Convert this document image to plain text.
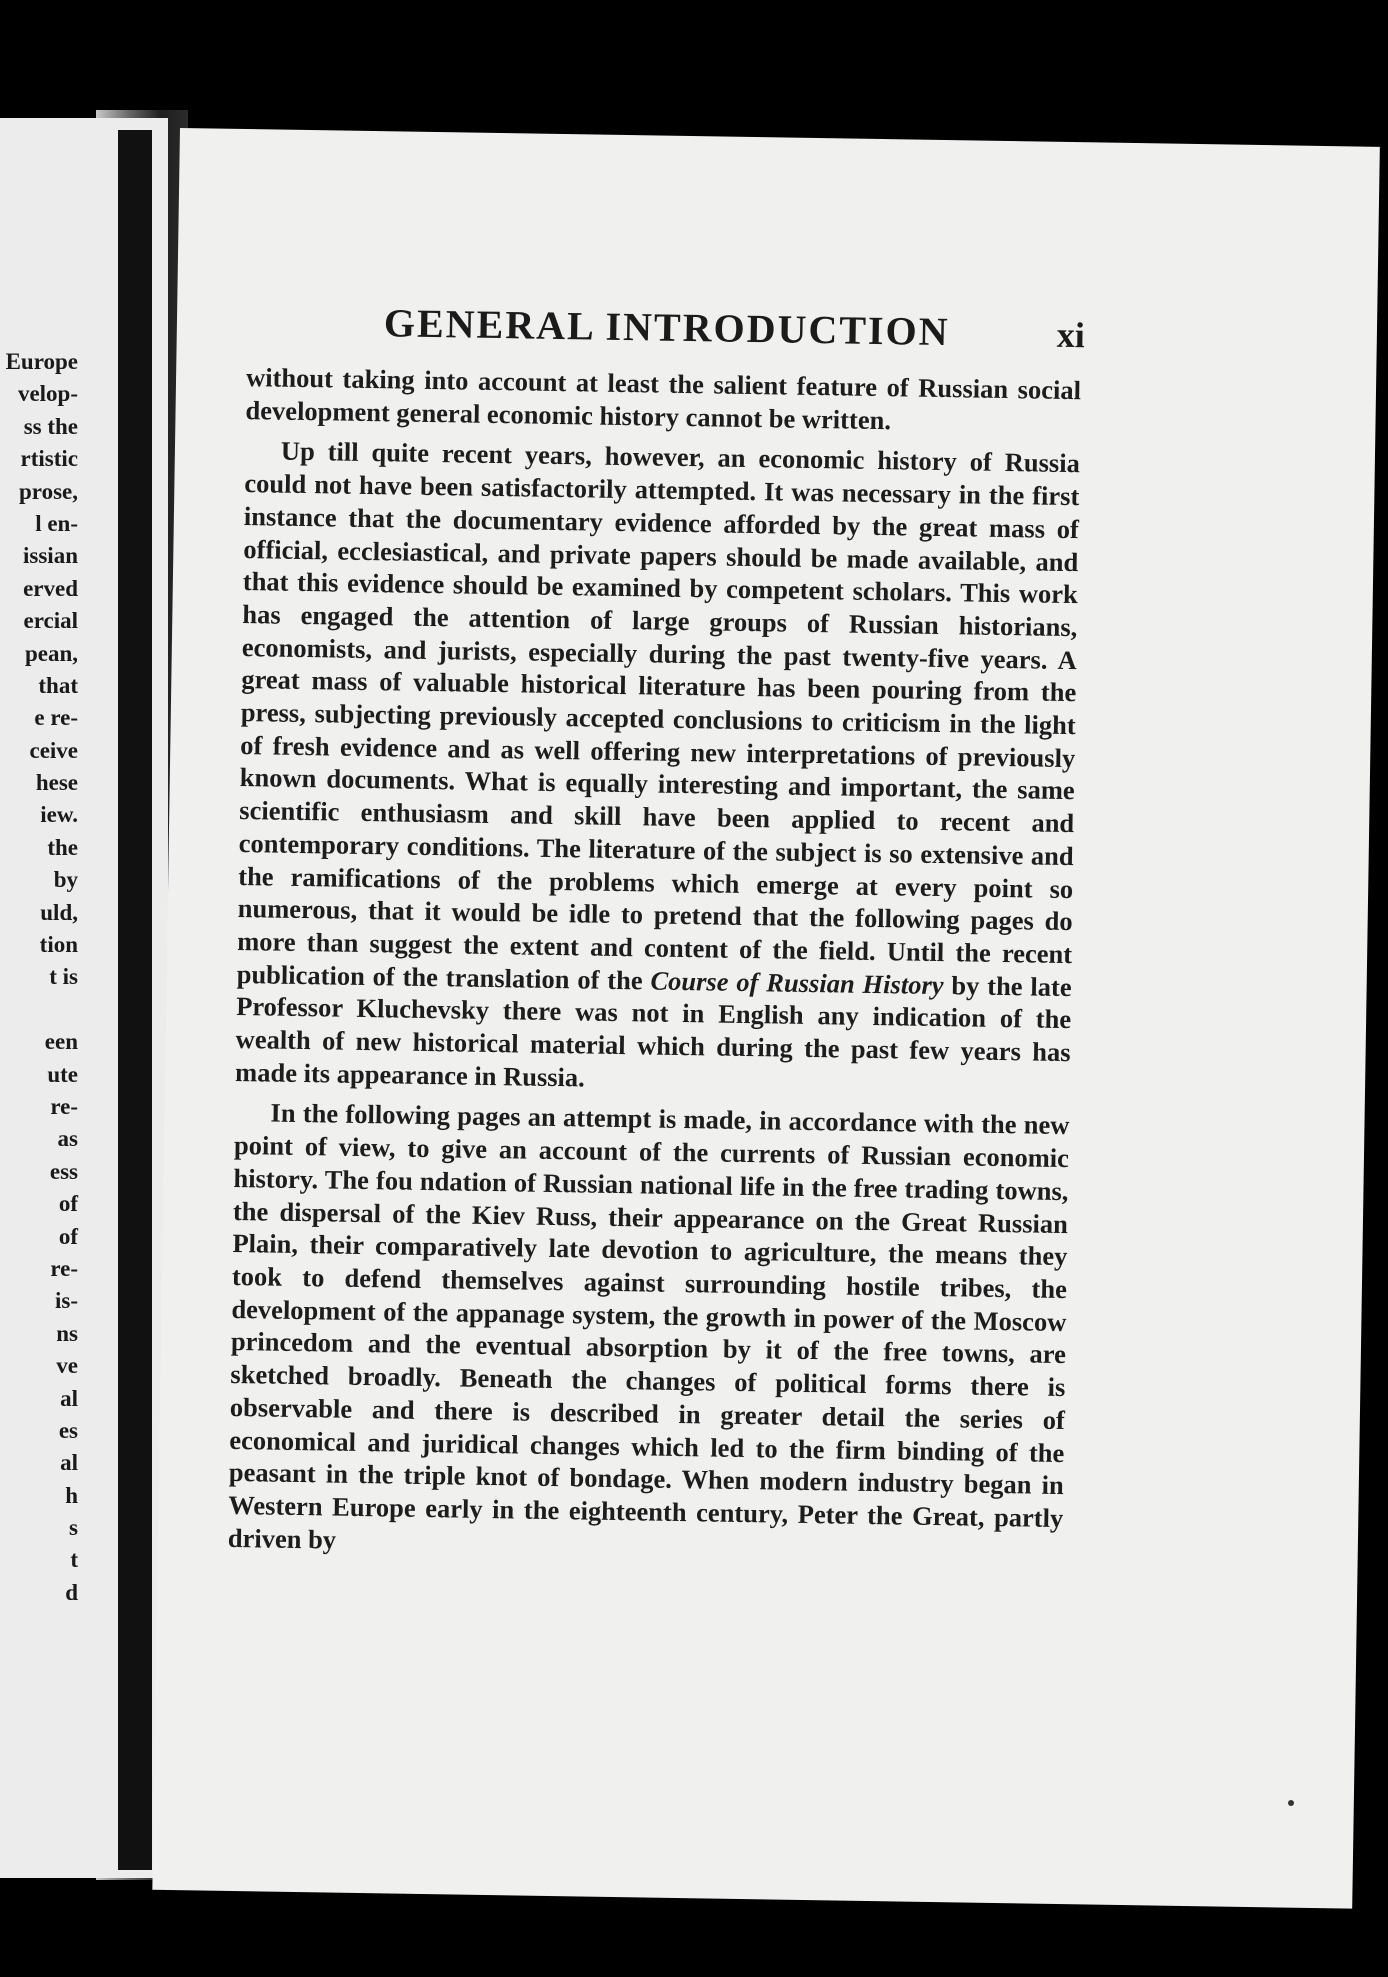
Europe
velop-
ss the
rtistic
prose,
l en-
issian
erved
ercial
pean,
that
e re-
ceive
hese
iew.
the
by
uld,
tion
t is
een
ute
re-
as
ess
of
of
re-
is-
ns
ve
al
es
al
h
s
t
d
GENERAL INTRODUCTION	xi

without taking into account at least the salient feature of Russian social development general economic history cannot be written.

Up till quite recent years, however, an economic history of Russia could not have been satisfactorily attempted. It was necessary in the first instance that the documentary evidence afforded by the great mass of official, ecclesiastical, and private papers should be made available, and that this evidence should be examined by competent scholars. This work has engaged the attention of large groups of Russian historians, economists, and jurists, especially during the past twenty-five years. A great mass of valuable historical literature has been pouring from the press, subjecting previously accepted conclusions to criticism in the light of fresh evidence and as well offering new interpretations of previously known documents. What is equally interesting and important, the same scientific enthusiasm and skill have been applied to recent and contemporary conditions. The literature of the subject is so extensive and the ramifications of the problems which emerge at every point so numerous, that it would be idle to pretend that the following pages do more than suggest the extent and content of the field. Until the recent publication of the translation of the Course of Russian History by the late Professor Kluchevsky there was not in English any indication of the wealth of new historical material which during the past few years has made its appearance in Russia.

In the following pages an attempt is made, in accordance with the new point of view, to give an account of the currents of Russian economic history. The fou ndation of Russian national life in the free trading towns, the dispersal of the Kiev Russ, their appearance on the Great Russian Plain, their comparatively late devotion to agriculture, the means they took to defend themselves against surrounding hostile tribes, the development of the appanage system, the growth in power of the Moscow princedom and the eventual absorption by it of the free towns, are sketched broadly. Beneath the changes of political forms there is observable and there is described in greater detail the series of economical and juridical changes which led to the firm binding of the peasant in the triple knot of bondage. When modern industry began in Western Europe early in the eighteenth century, Peter the Great, partly driven by
